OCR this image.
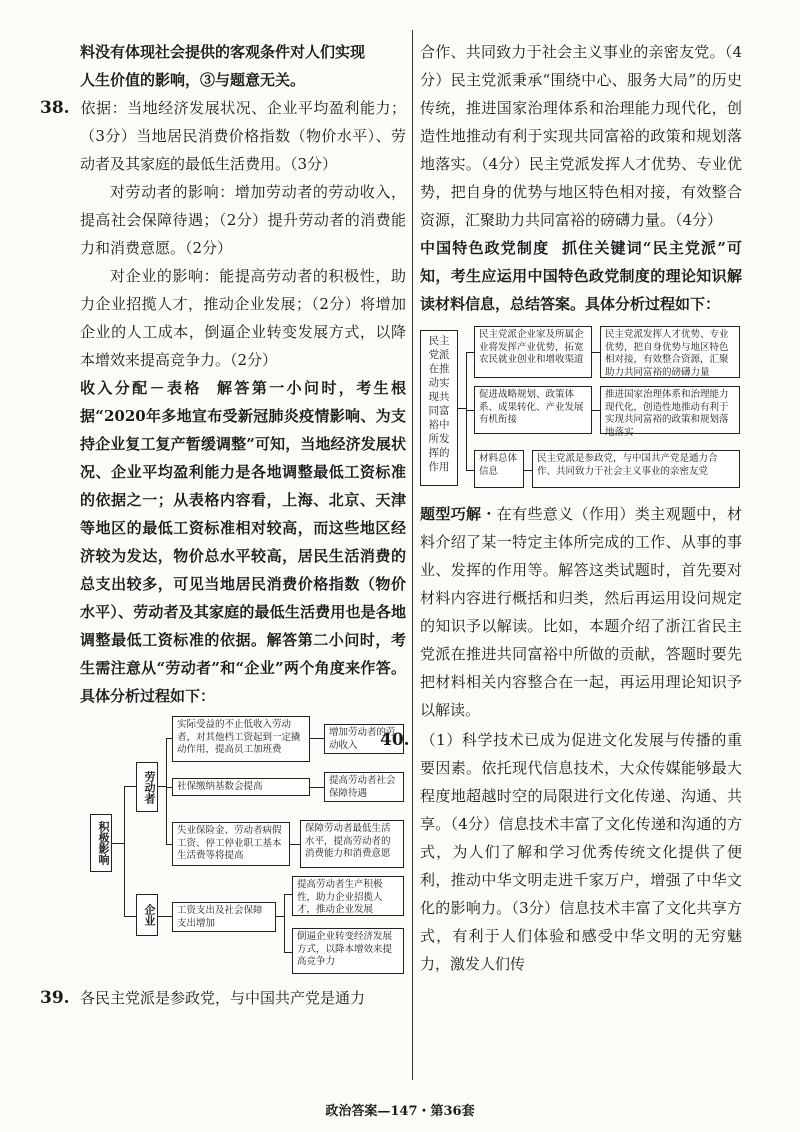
料没有体现社会提供的客观条件对人们实现
人生价值的影响，③与题意无关。

38. 依据：当地经济发展状况、企业平均盈利能力；（3分）当地居民消费价格指数（物价水平）、劳动者及其家庭的最低生活费用。（3分）

对劳动者的影响：增加劳动者的劳动收入，提高社会保障待遇；（2分）提升劳动者的消费能力和消费意愿。（2分）

对企业的影响：能提高劳动者的积极性，助力企业招揽人才，推动企业发展；（2分）将增加企业的人工成本，倒逼企业转变发展方式，以降本增效来提高竞争力。（2分）

收入分配－表格 解答第一小问时，考生根据“2020年多地宣布受新冠肺炎疫情影响、为支持企业复工复产暂缓调整”可知，当地经济发展状况、企业平均盈利能力是各地调整最低工资标准的依据之一；从表格内容看，上海、北京、天津等地区的最低工资标准相对较高，而这些地区经济较为发达，物价总水平较高，居民生活消费的总支出较多，可见当地居民消费价格指数（物价水平）、劳动者及其家庭的最低生活费用也是各地调整最低工资标准的依据。解答第二小问时，考生需注意从“劳动者”和“企业”两个角度来作答。具体分析过程如下：

积极影响
劳动者
企业
实际受益的不止低收入劳动者，对其他档工资起到一定撬动作用，提高员工加班费
增加劳动者的劳动收入
社保缴纳基数会提高
提高劳动者社会保障待遇
失业保险金、劳动者病假工资、停工停业职工基本生活费等将提高
保障劳动者最低生活水平，提高劳动者的消费能力和消费意愿
工资支出及社会保障支出增加
提高劳动者生产积极性，助力企业招揽人才，推动企业发展
倒逼企业转变经济发展方式，以降本增效来提高竞争力

39. 各民主党派是参政党，与中国共产党是通力

合作、共同致力于社会主义事业的亲密友党。（4分）民主党派秉承“围绕中心、服务大局”的历史传统，推进国家治理体系和治理能力现代化，创造性地推动有利于实现共同富裕的政策和规划落地落实。（4分）民主党派发挥人才优势、专业优势，把自身的优势与地区特色相对接，有效整合资源，汇聚助力共同富裕的磅礴力量。（4分）

中国特色政党制度 抓住关键词“民主党派”可知，考生应运用中国特色政党制度的理论知识解读材料信息，总结答案。具体分析过程如下：

民主党派在推动实现共同富裕中所发挥的作用
民主党派企业家及所属企业将发挥产业优势，拓宽农民就业创业和增收渠道
民主党派发挥人才优势、专业优势，把自身优势与地区特色相对接，有效整合资源，汇聚助力共同富裕的磅礴力量
促进战略规划、政策体系、成果转化、产业发展有机衔接
推进国家治理体系和治理能力现代化，创造性地推动有利于实现共同富裕的政策和规划落地落实
材料总体信息
民主党派是参政党，与中国共产党是通力合作、共同致力于社会主义事业的亲密友党

题型巧解・在有些意义（作用）类主观题中，材料介绍了某一特定主体所完成的工作、从事的事业、发挥的作用等。解答这类试题时，首先要对材料内容进行概括和归类，然后再运用设问规定的知识予以解读。比如，本题介绍了浙江省民主党派在推进共同富裕中所做的贡献，答题时要先把材料相关内容整合在一起，再运用理论知识予以解读。

40. （1）科学技术已成为促进文化发展与传播的重要因素。依托现代信息技术，大众传媒能够最大程度地超越时空的局限进行文化传递、沟通、共享。（4分）信息技术丰富了文化传递和沟通的方式，为人们了解和学习优秀传统文化提供了便利，推动中华文明走进千家万户，增强了中华文化的影响力。（3分）信息技术丰富了文化共享方式，有利于人们体验和感受中华文明的无穷魅力，激发人们传

政治答案—147・第36套
